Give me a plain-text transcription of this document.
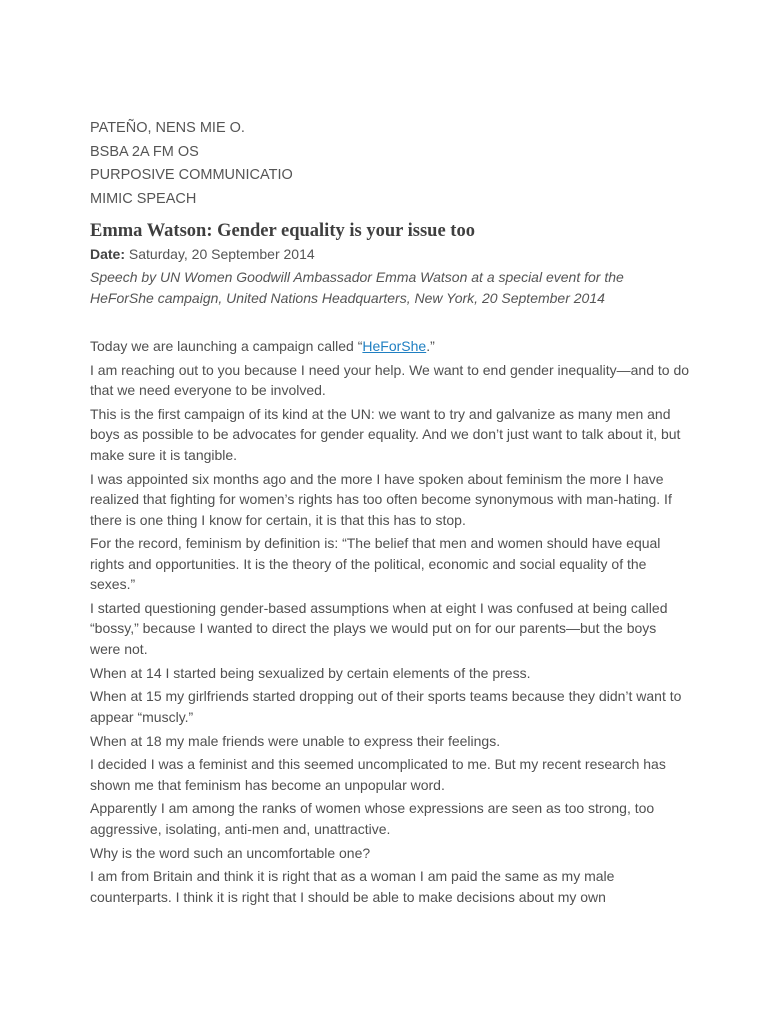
PATEÑO, NENS MIE O.
BSBA 2A FM OS
PURPOSIVE COMMUNICATIO
MIMIC SPEACH
Emma Watson: Gender equality is your issue too
Date: Saturday, 20 September 2014
Speech by UN Women Goodwill Ambassador Emma Watson at a special event for the HeForShe campaign, United Nations Headquarters, New York, 20 September 2014

Today we are launching a campaign called “HeForShe.”

I am reaching out to you because I need your help. We want to end gender inequality—and to do that we need everyone to be involved.

This is the first campaign of its kind at the UN: we want to try and galvanize as many men and boys as possible to be advocates for gender equality. And we don’t just want to talk about it, but make sure it is tangible.

I was appointed six months ago and the more I have spoken about feminism the more I have realized that fighting for women’s rights has too often become synonymous with man-hating. If there is one thing I know for certain, it is that this has to stop.

For the record, feminism by definition is: “The belief that men and women should have equal rights and opportunities. It is the theory of the political, economic and social equality of the sexes.”

I started questioning gender-based assumptions when at eight I was confused at being called “bossy,” because I wanted to direct the plays we would put on for our parents—but the boys were not.

When at 14 I started being sexualized by certain elements of the press.

When at 15 my girlfriends started dropping out of their sports teams because they didn’t want to appear “muscly.”

When at 18 my male friends were unable to express their feelings.

I decided I was a feminist and this seemed uncomplicated to me. But my recent research has shown me that feminism has become an unpopular word.

Apparently I am among the ranks of women whose expressions are seen as too strong, too aggressive, isolating, anti-men and, unattractive.

Why is the word such an uncomfortable one?

I am from Britain and think it is right that as a woman I am paid the same as my male counterparts. I think it is right that I should be able to make decisions about my own
